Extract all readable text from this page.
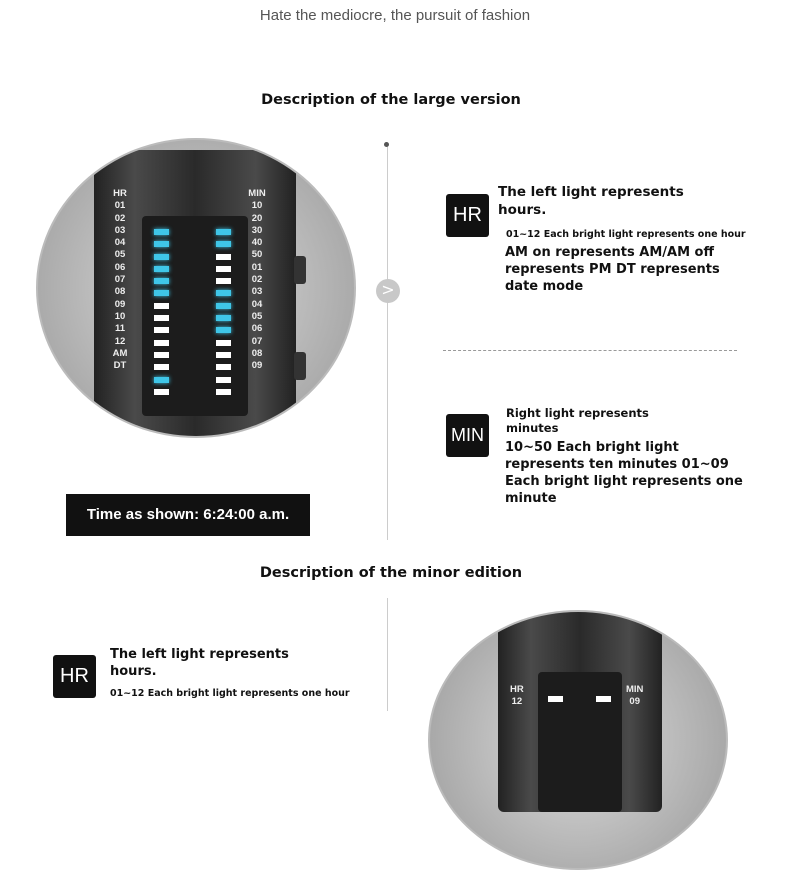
Hate the mediocre, the pursuit of fashion
Description of the large version
>
HR
01
02
03
04
05
06
07
08
09
10
11
12
AM
DT
MIN
10
20
30
40
50
01
02
03
04
05
06
07
08
09
Time as shown: 6:24:00 a.m.
HR
The left light represents hours.
01~12 Each bright light represents one hour
AM on represents AM/AM off represents PM DT represents date mode
MIN
Right light represents minutes
10~50 Each bright light represents ten minutes 01~09 Each bright light represents one minute
Description of the minor edition
HR
The left light represents hours.
01~12 Each bright light represents one hour	HR
12
MIN
09
